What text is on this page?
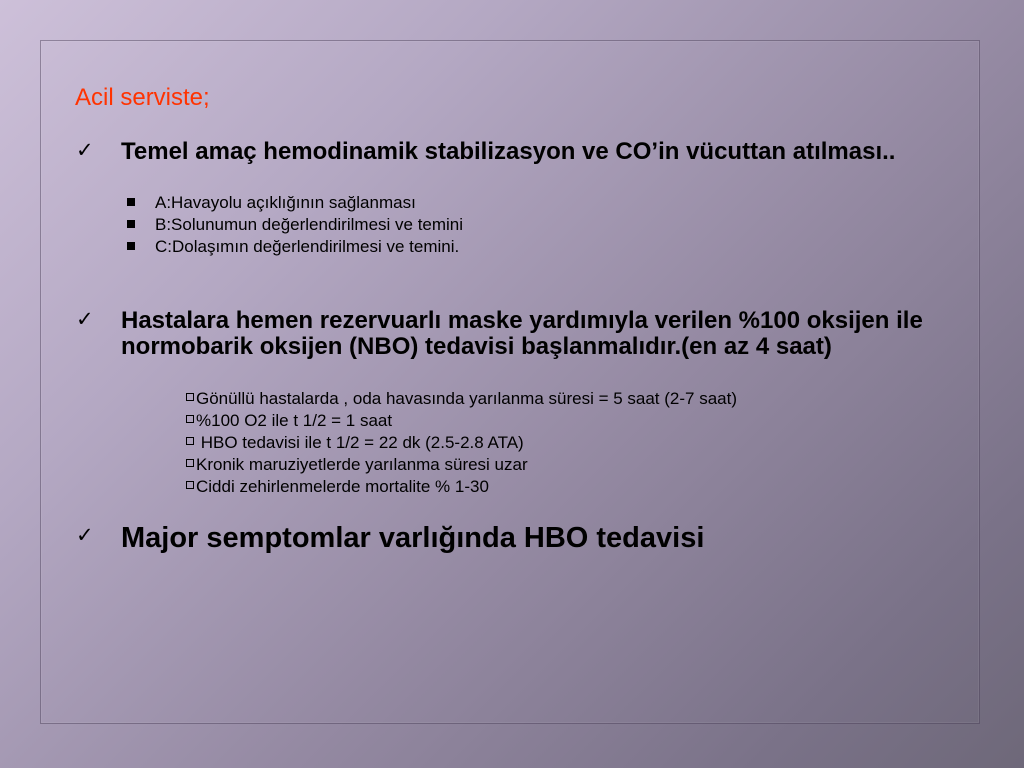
Acil serviste;
✓ Temel amaç hemodinamik stabilizasyon ve CO’in vücuttan atılması..

A:Havayolu açıklığının sağlanması
B:Solunumun değerlendirilmesi ve temini
C:Dolaşımın değerlendirilmesi ve temini.
✓ Hastalara hemen rezervuarlı maske yardımıyla verilen %100 oksijen ile normobarik oksijen (NBO) tedavisi başlanmalıdır.(en az 4 saat)

Gönüllü hastalarda , oda havasında yarılanma süresi = 5 saat (2-7 saat)
%100 O2 ile t 1/2 = 1 saat
HBO tedavisi ile t 1/2 = 22 dk (2.5-2.8 ATA)
Kronik maruziyetlerde yarılanma süresi uzar
Ciddi zehirlenmelerde mortalite % 1-30
✓ Major semptomlar varlığında HBO tedavisi
